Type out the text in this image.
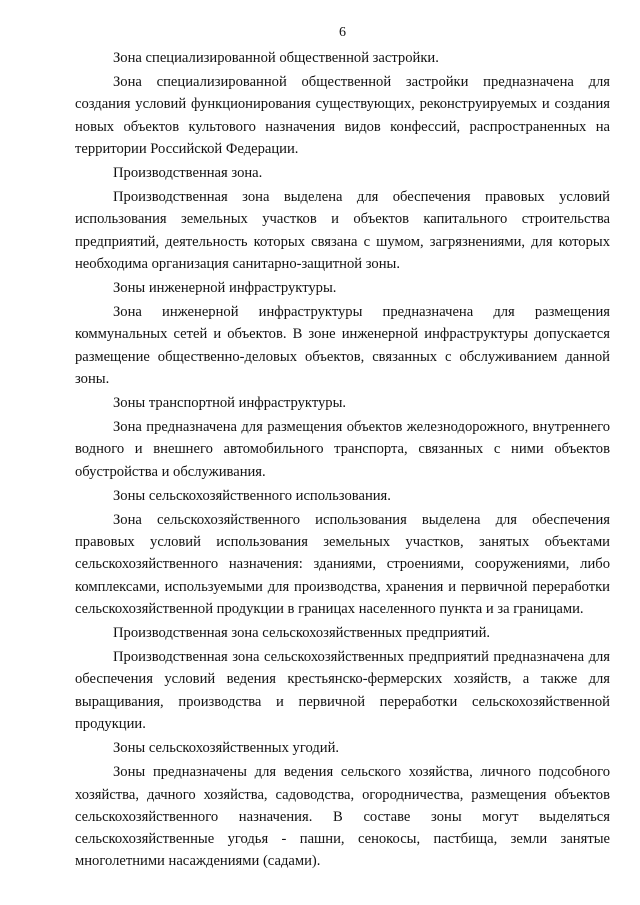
6

Зона специализированной общественной застройки.

Зона специализированной общественной застройки предназначена для создания условий функционирования существующих, реконструируемых и создания новых объектов культового назначения видов конфессий, распространенных на территории Российской Федерации.

Производственная зона.

Производственная зона выделена для обеспечения правовых условий использования земельных участков и объектов капитального строительства предприятий, деятельность которых связана с шумом, загрязнениями, для которых необходима организация санитарно-защитной зоны.

Зоны инженерной инфраструктуры.

Зона инженерной инфраструктуры предназначена для размещения коммунальных сетей и объектов. В зоне инженерной инфраструктуры допускается размещение общественно-деловых объектов, связанных с обслуживанием данной зоны.

Зоны транспортной инфраструктуры.

Зона предназначена для размещения объектов железнодорожного, внутреннего водного и внешнего автомобильного транспорта, связанных с ними объектов обустройства и обслуживания.

Зоны сельскохозяйственного использования.

Зона сельскохозяйственного использования выделена для обеспечения правовых условий использования земельных участков, занятых объектами сельскохозяйственного назначения: зданиями, строениями, сооружениями, либо комплексами, используемыми для производства, хранения и первичной переработки сельскохозяйственной продукции в границах населенного пункта и за границами.

Производственная зона сельскохозяйственных предприятий.

Производственная зона сельскохозяйственных предприятий предназначена для обеспечения условий ведения крестьянско-фермерских хозяйств, а также для выращивания, производства и первичной переработки сельскохозяйственной продукции.

Зоны сельскохозяйственных угодий.

Зоны предназначены для ведения сельского хозяйства, личного подсобного хозяйства, дачного хозяйства, садоводства, огородничества, размещения объектов сельскохозяйственного назначения. В составе зоны могут выделяться сельскохозяйственные угодья - пашни, сенокосы, пастбища, земли занятые многолетними насаждениями (садами).
